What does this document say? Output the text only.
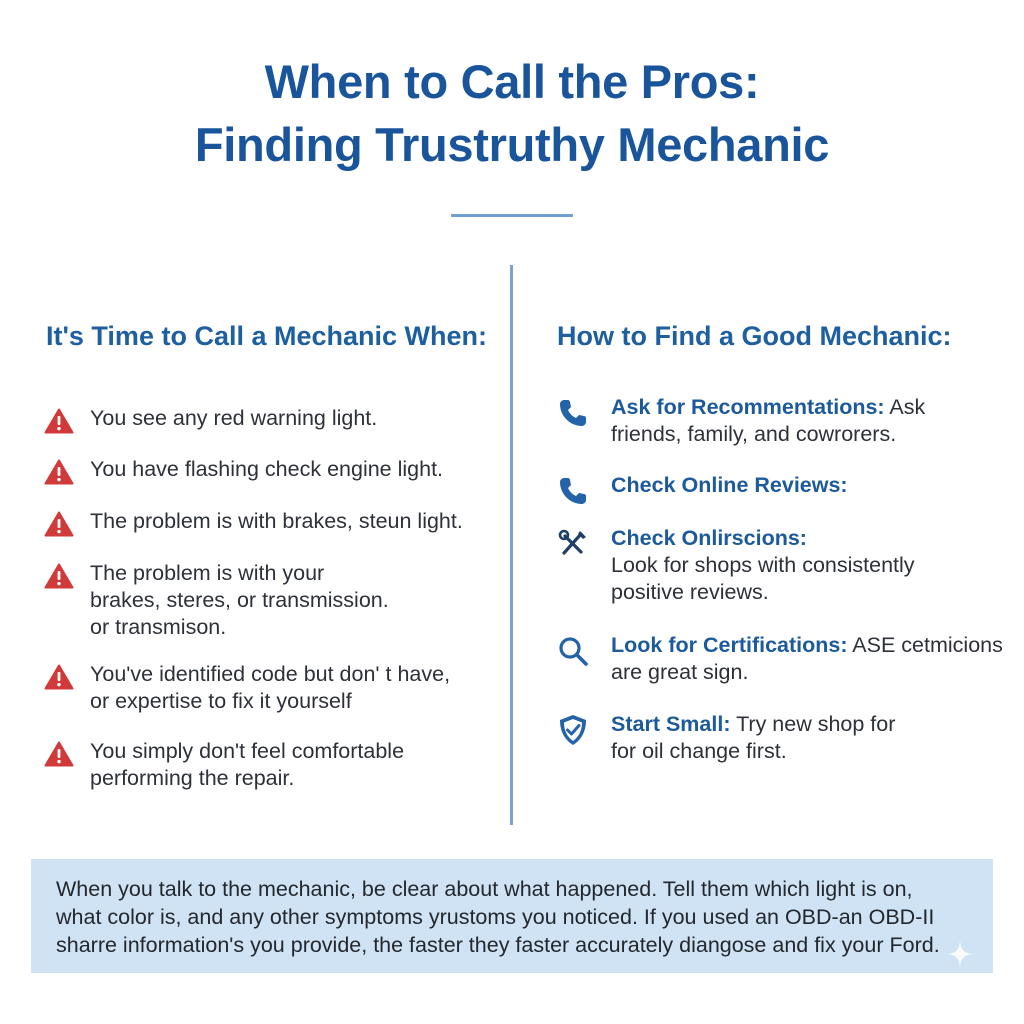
When to Call the Pros:
Finding Trustruthy Mechanic
It's Time to Call a Mechanic When:
You see any red warning light.
You have flashing check engine light.
The problem is with brakes, steun light.
The problem is with your
brakes, steres, or transmission.
or transmison.
You've identified code but don' t have,
or expertise to fix it yourself
You simply don't feel comfortable
performing the repair.
How to Find a Good Mechanic:
Ask for Recommentations: Ask
friends, family, and cowrorers.
Check Online Reviews:
Check Onlirscions:
Look for shops with consistently
positive reviews.
Look for Certifications: ASE cetmicions
are great sign.
Start Small: Try new shop for
for oil change first.
When you talk to the mechanic, be clear about what happened. Tell them which light is on,
what color is, and any other symptoms yrustoms you noticed. If you used an OBD-an OBD-II
sharre information's you provide, the faster they faster accurately diangose and fix your Ford.
